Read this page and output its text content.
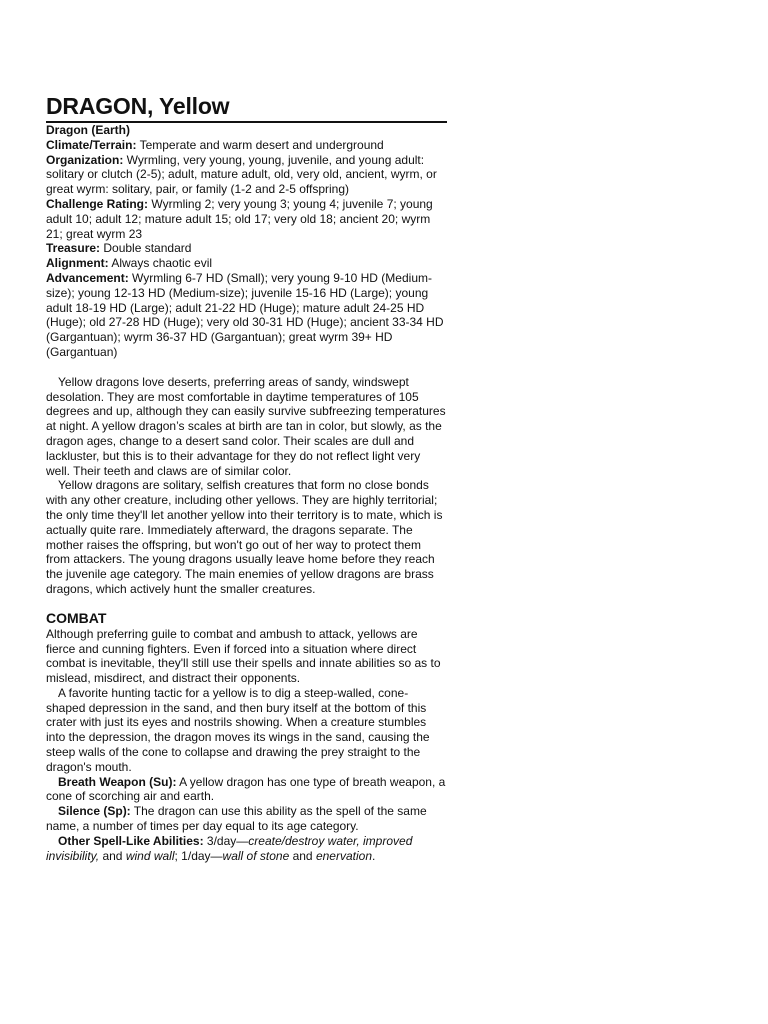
DRAGON, Yellow

Dragon (Earth)

Climate/Terrain: Temperate and warm desert and underground

Organization: Wyrmling, very young, young, juvenile, and young adult: solitary or clutch (2-5); adult, mature adult, old, very old, ancient, wyrm, or great wyrm: solitary, pair, or family (1-2 and 2-5 offspring)

Challenge Rating: Wyrmling 2; very young 3; young 4; juvenile 7; young adult 10; adult 12; mature adult 15; old 17; very old 18; ancient 20; wyrm 21; great wyrm 23

Treasure: Double standard

Alignment: Always chaotic evil

Advancement: Wyrmling 6-7 HD (Small); very young 9-10 HD (Medium-size); young 12-13 HD (Medium-size); juvenile 15-16 HD (Large); young adult 18-19 HD (Large); adult 21-22 HD (Huge); mature adult 24-25 HD (Huge); old 27-28 HD (Huge); very old 30-31 HD (Huge); ancient 33-34 HD (Gargantuan); wyrm 36-37 HD (Gargantuan); great wyrm 39+ HD (Gargantuan)

Yellow dragons love deserts, preferring areas of sandy, windswept desolation. They are most comfortable in daytime temperatures of 105 degrees and up, although they can easily survive subfreezing temperatures at night. A yellow dragon’s scales at birth are tan in color, but slowly, as the dragon ages, change to a desert sand color. Their scales are dull and lackluster, but this is to their advantage for they do not reflect light very well. Their teeth and claws are of similar color.

Yellow dragons are solitary, selfish creatures that form no close bonds with any other creature, including other yellows. They are highly territorial; the only time they'll let another yellow into their territory is to mate, which is actually quite rare. Immediately afterward, the dragons separate. The mother raises the offspring, but won't go out of her way to protect them from attackers. The young dragons usually leave home before they reach the juvenile age category. The main enemies of yellow dragons are brass dragons, which actively hunt the smaller creatures.

COMBAT

Although preferring guile to combat and ambush to attack, yellows are fierce and cunning fighters. Even if forced into a situation where direct combat is inevitable, they'll still use their spells and innate abilities so as to mislead, misdirect, and distract their opponents.

A favorite hunting tactic for a yellow is to dig a steep-walled, cone-shaped depression in the sand, and then bury itself at the bottom of this crater with just its eyes and nostrils showing. When a creature stumbles into the depression, the dragon moves its wings in the sand, causing the steep walls of the cone to collapse and drawing the prey straight to the dragon's mouth.

Breath Weapon (Su): A yellow dragon has one type of breath weapon, a cone of scorching air and earth.

Silence (Sp): The dragon can use this ability as the spell of the same name, a number of times per day equal to its age category.

Other Spell-Like Abilities: 3/day—create/destroy water, improved invisibility, and wind wall; 1/day—wall of stone and enervation.
